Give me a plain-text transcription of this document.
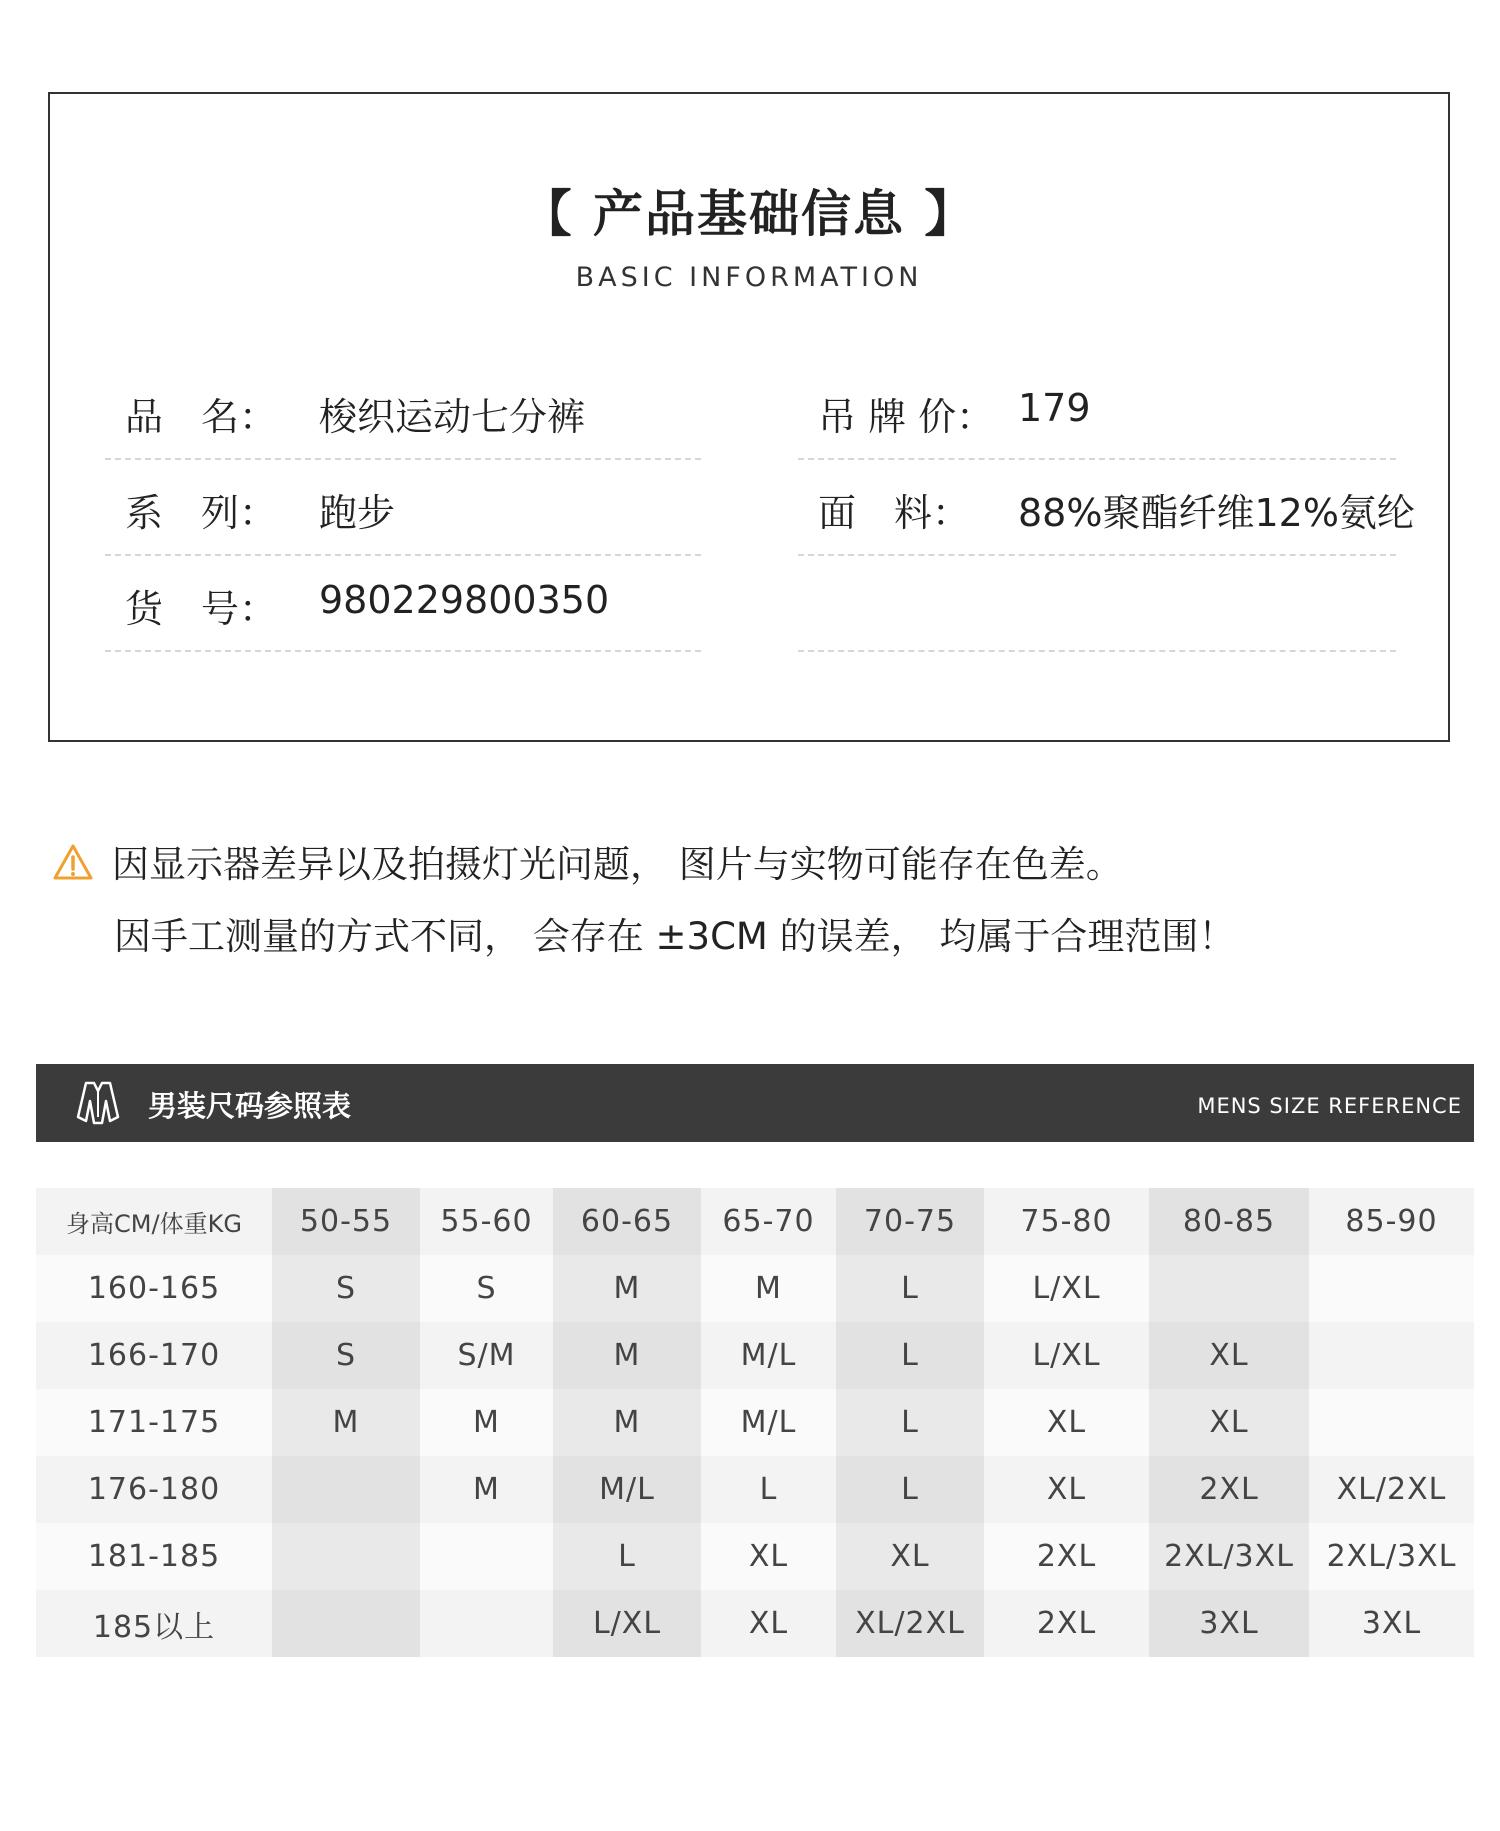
【 产品基础信息 】
BASIC INFORMATION
品　名： 梭织运动七分裤
系　列： 跑步
货　号： 980229800350
吊 牌 价： 179
面　料： 88%聚酯纤维12%氨纶
因显示器差异以及拍摄灯光问题， 图片与实物可能存在色差。
因手工测量的方式不同， 会存在 ±3CM 的误差， 均属于合理范围！
男装尺码参照表	MENS SIZE REFERENCE
身高CM/体重KG	50-55	55-60	60-65	65-70	70-75	75-80	80-85	85-90
160-165	S	S	M	M	L	L/XL		
166-170	S	S/M	M	M/L	L	L/XL	XL	
171-175	M	M	M	M/L	L	XL	XL	
176-180		M	M/L	L	L	XL	2XL	XL/2XL
181-185			L	XL	XL	2XL	2XL/3XL	2XL/3XL
185以上			L/XL	XL	XL/2XL	2XL	3XL	3XL
